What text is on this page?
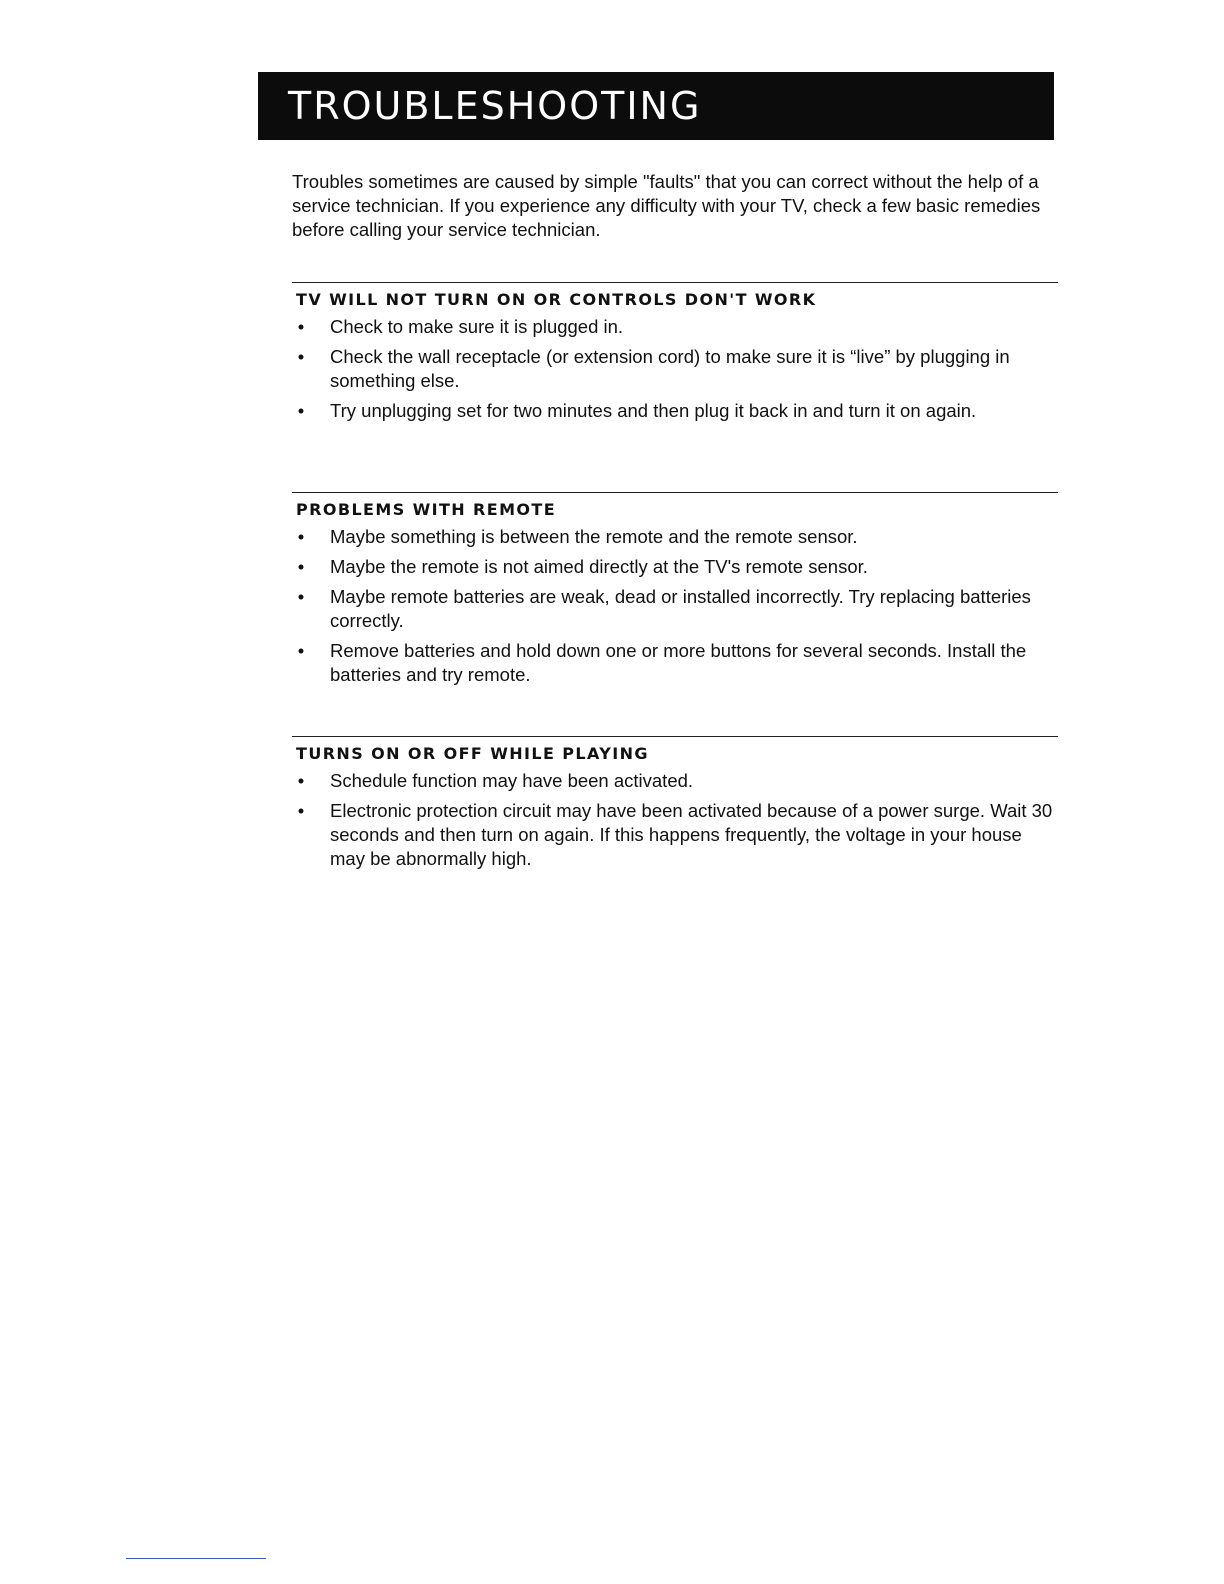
TROUBLESHOOTING

Troubles sometimes are caused by simple "faults" that you can correct without the help of a service technician. If you experience any difficulty with your TV, check a few basic remedies before calling your service technician.

TV WILL NOT TURN ON OR CONTROLS DON'T WORK
• Check to make sure it is plugged in.
• Check the wall receptacle (or extension cord) to make sure it is “live” by plugging in something else.
• Try unplugging set for two minutes and then plug it back in and turn it on again.
PROBLEMS WITH REMOTE
• Maybe something is between the remote and the remote sensor.
• Maybe the remote is not aimed directly at the TV's remote sensor.
• Maybe remote batteries are weak, dead or installed incorrectly. Try replacing batteries correctly.
• Remove batteries and hold down one or more buttons for several seconds. Install the batteries and try remote.
TURNS ON OR OFF WHILE PLAYING
• Schedule function may have been activated.
• Electronic protection circuit may have been activated because of a power surge. Wait 30 seconds and then turn on again. If this happens frequently, the voltage in your house may be abnormally high.
